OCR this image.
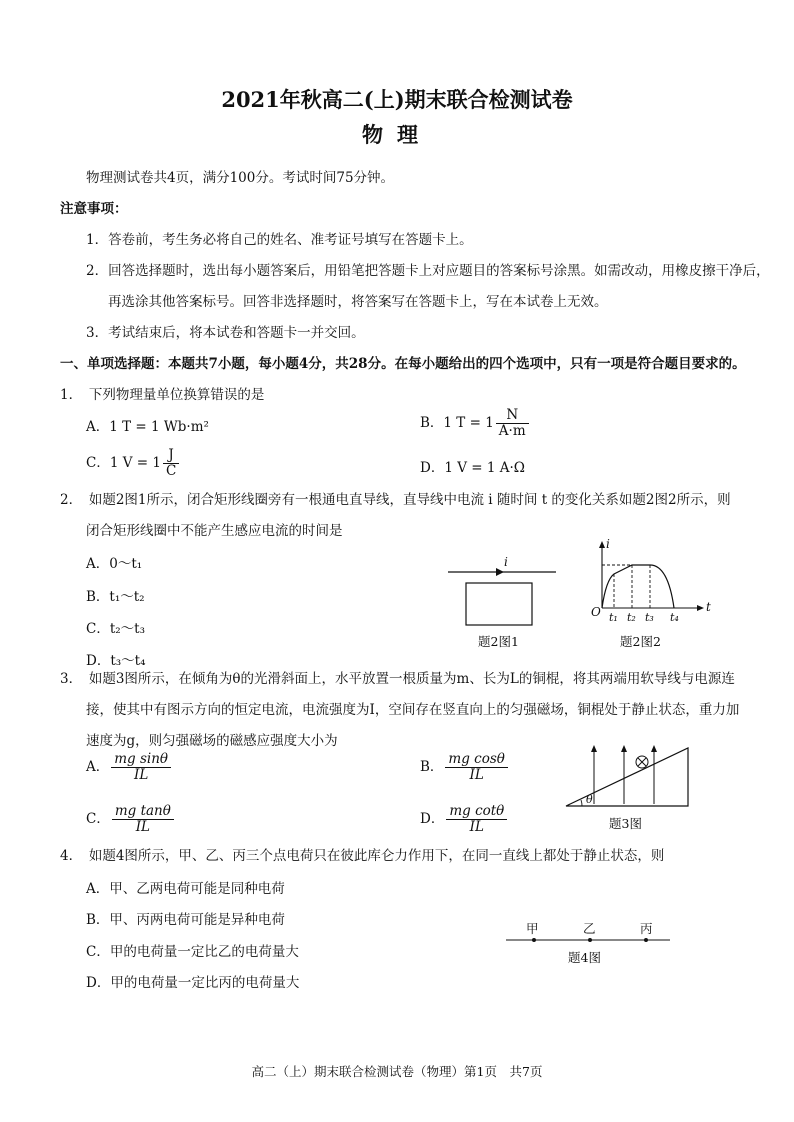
2021年秋高二(上)期末联合检测试卷
物理
物理测试卷共4页，满分100分。考试时间75分钟。
注意事项：
1．答卷前，考生务必将自己的姓名、准考证号填写在答题卡上。
2．回答选择题时，选出每小题答案后，用铅笔把答题卡上对应题目的答案标号涂黑。如需改动，用橡皮擦干净后，
再选涂其他答案标号。回答非选择题时，将答案写在答题卡上，写在本试卷上无效。
3．考试结束后，将本试卷和答题卡一并交回。
一、单项选择题：本题共7小题，每小题4分，共28分。在每小题给出的四个选项中，只有一项是符合题目要求的。
1．　下列物理量单位换算错误的是
A．1 T = 1 Wb·m²	B．1 $T = 1 \frac{N}{A\cdot m}$
C．1 $V = 1 \frac{J}{C}$	D．1 V = 1 A·Ω
2．　如题2图1所示，闭合矩形线圈旁有一根通电直导线，直导线中电流 i 随时间 t 的变化关系如题2图2所示，则
闭合矩形线圈中不能产生感应电流的时间是
A．0～t₁
B．t₁～t₂
C．t₂～t₃
D．t₃～t₄
i
题2图1
i
t
O t₁ t₂ t₃ t₄
题2图2
3．　如题3图所示，在倾角为θ的光滑斜面上，水平放置一根质量为m、长为L的铜棍，将其两端用软导线与电源连
接，使其中有图示方向的恒定电流，电流强度为I，空间存在竖直向上的匀强磁场，铜棍处于静止状态，重力加
速度为g，则匀强磁场的磁感应强度大小为
A． $\frac{\text{mg sinθ}}{IL}$	B． $\frac{\text{mg cosθ}}{IL}$
C． $\frac{\text{mg tanθ}}{IL}$	D． $\frac{\text{mg cotθ}}{IL}$
θ
题3图
4．　如题4图所示，甲、乙、丙三个点电荷只在彼此库仑力作用下，在同一直线上都处于静止状态，则
A．甲、乙两电荷可能是同种电荷
B．甲、丙两电荷可能是异种电荷
C．甲的电荷量一定比乙的电荷量大
D．甲的电荷量一定比丙的电荷量大
甲	乙	丙
题4图
高二（上）期末联合检测试卷（物理）第1页　共7页
